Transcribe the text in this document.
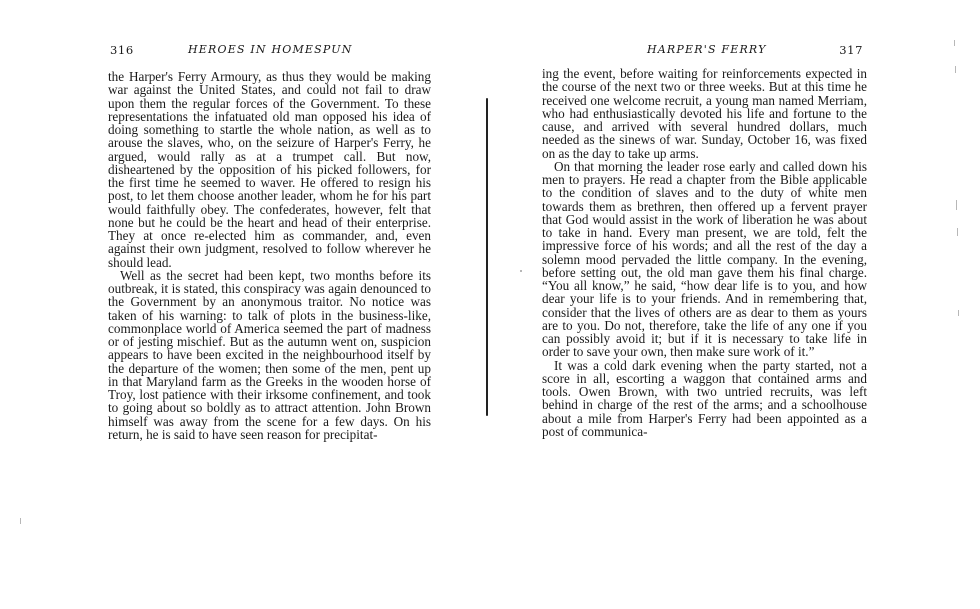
316	HEROES IN HOMESPUN

the Harper's Ferry Armoury, as thus they would be making war against the United States, and could not fail to draw upon them the regular forces of the Government. To these representations the infatuated old man opposed his idea of doing something to startle the whole nation, as well as to arouse the slaves, who, on the seizure of Harper's Ferry, he argued, would rally as at a trumpet call. But now, disheartened by the opposition of his picked followers, for the first time he seemed to waver. He offered to resign his post, to let them choose another leader, whom he for his part would faithfully obey. The confederates, however, felt that none but he could be the heart and head of their enterprise. They at once re-elected him as commander, and, even against their own judgment, resolved to follow wherever he should lead.

Well as the secret had been kept, two months before its outbreak, it is stated, this conspiracy was again denounced to the Government by an anonymous traitor. No notice was taken of his warning: to talk of plots in the business-like, commonplace world of America seemed the part of madness or of jesting mischief. But as the autumn went on, suspicion appears to have been excited in the neighbourhood itself by the departure of the women; then some of the men, pent up in that Maryland farm as the Greeks in the wooden horse of Troy, lost patience with their irksome confinement, and took to going about so boldly as to attract attention. John Brown himself was away from the scene for a few days. On his return, he is said to have seen reason for precipitat-

HARPER'S FERRY	317

ing the event, before waiting for reinforcements expected in the course of the next two or three weeks. But at this time he received one welcome recruit, a young man named Merriam, who had enthusiastically devoted his life and fortune to the cause, and arrived with several hundred dollars, much needed as the sinews of war. Sunday, October 16, was fixed on as the day to take up arms.

On that morning the leader rose early and called down his men to prayers. He read a chapter from the Bible applicable to the condition of slaves and to the duty of white men towards them as brethren, then offered up a fervent prayer that God would assist in the work of liberation he was about to take in hand. Every man present, we are told, felt the impressive force of his words; and all the rest of the day a solemn mood pervaded the little company. In the evening, before setting out, the old man gave them his final charge. “You all know,” he said, “how dear life is to you, and how dear your life is to your friends. And in remembering that, consider that the lives of others are as dear to them as yours are to you. Do not, therefore, take the life of any one if you can possibly avoid it; but if it is necessary to take life in order to save your own, then make sure work of it.”

It was a cold dark evening when the party started, not a score in all, escorting a waggon that contained arms and tools. Owen Brown, with two untried recruits, was left behind in charge of the rest of the arms; and a schoolhouse about a mile from Harper's Ferry had been appointed as a post of communica-
